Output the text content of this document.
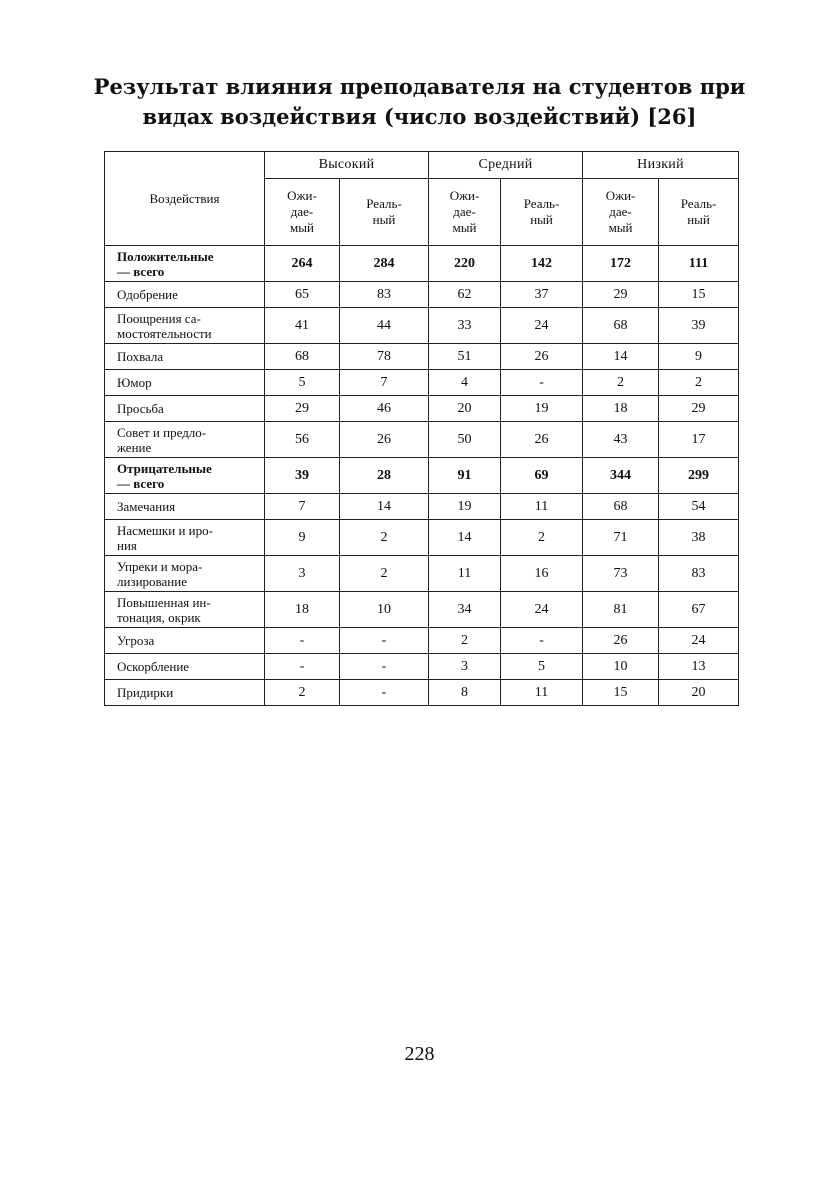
Результат влияния преподавателя на студентов при
видах воздействия (число воздействий) [26]
Воздействия	Высокий		Средний		Низкий	
	Ожи-
дае-
мый	Реаль-
ный	Ожи-
дае-
мый	Реаль-
ный	Ожи-
дае-
мый	Реаль-
ный
Положительные
— всего	264	284	220	142	172	111
Одобрение	65	83	62	37	29	15
Поощрения са-
мостоятельности	41	44	33	24	68	39
Похвала	68	78	51	26	14	9
Юмор	5	7	4	-	2	2
Просьба	29	46	20	19	18	29
Совет и предло-
жение	56	26	50	26	43	17
Отрицательные
— всего	39	28	91	69	344	299
Замечания	7	14	19	11	68	54
Насмешки и иро-
ния	9	2	14	2	71	38
Упреки и мора-
лизирование	3	2	11	16	73	83
Повышенная ин-
тонация, окрик	18	10	34	24	81	67
Угроза	-	-	2	-	26	24
Оскорбление	-	-	3	5	10	13
Придирки	2	-	8	11	15	20
228
